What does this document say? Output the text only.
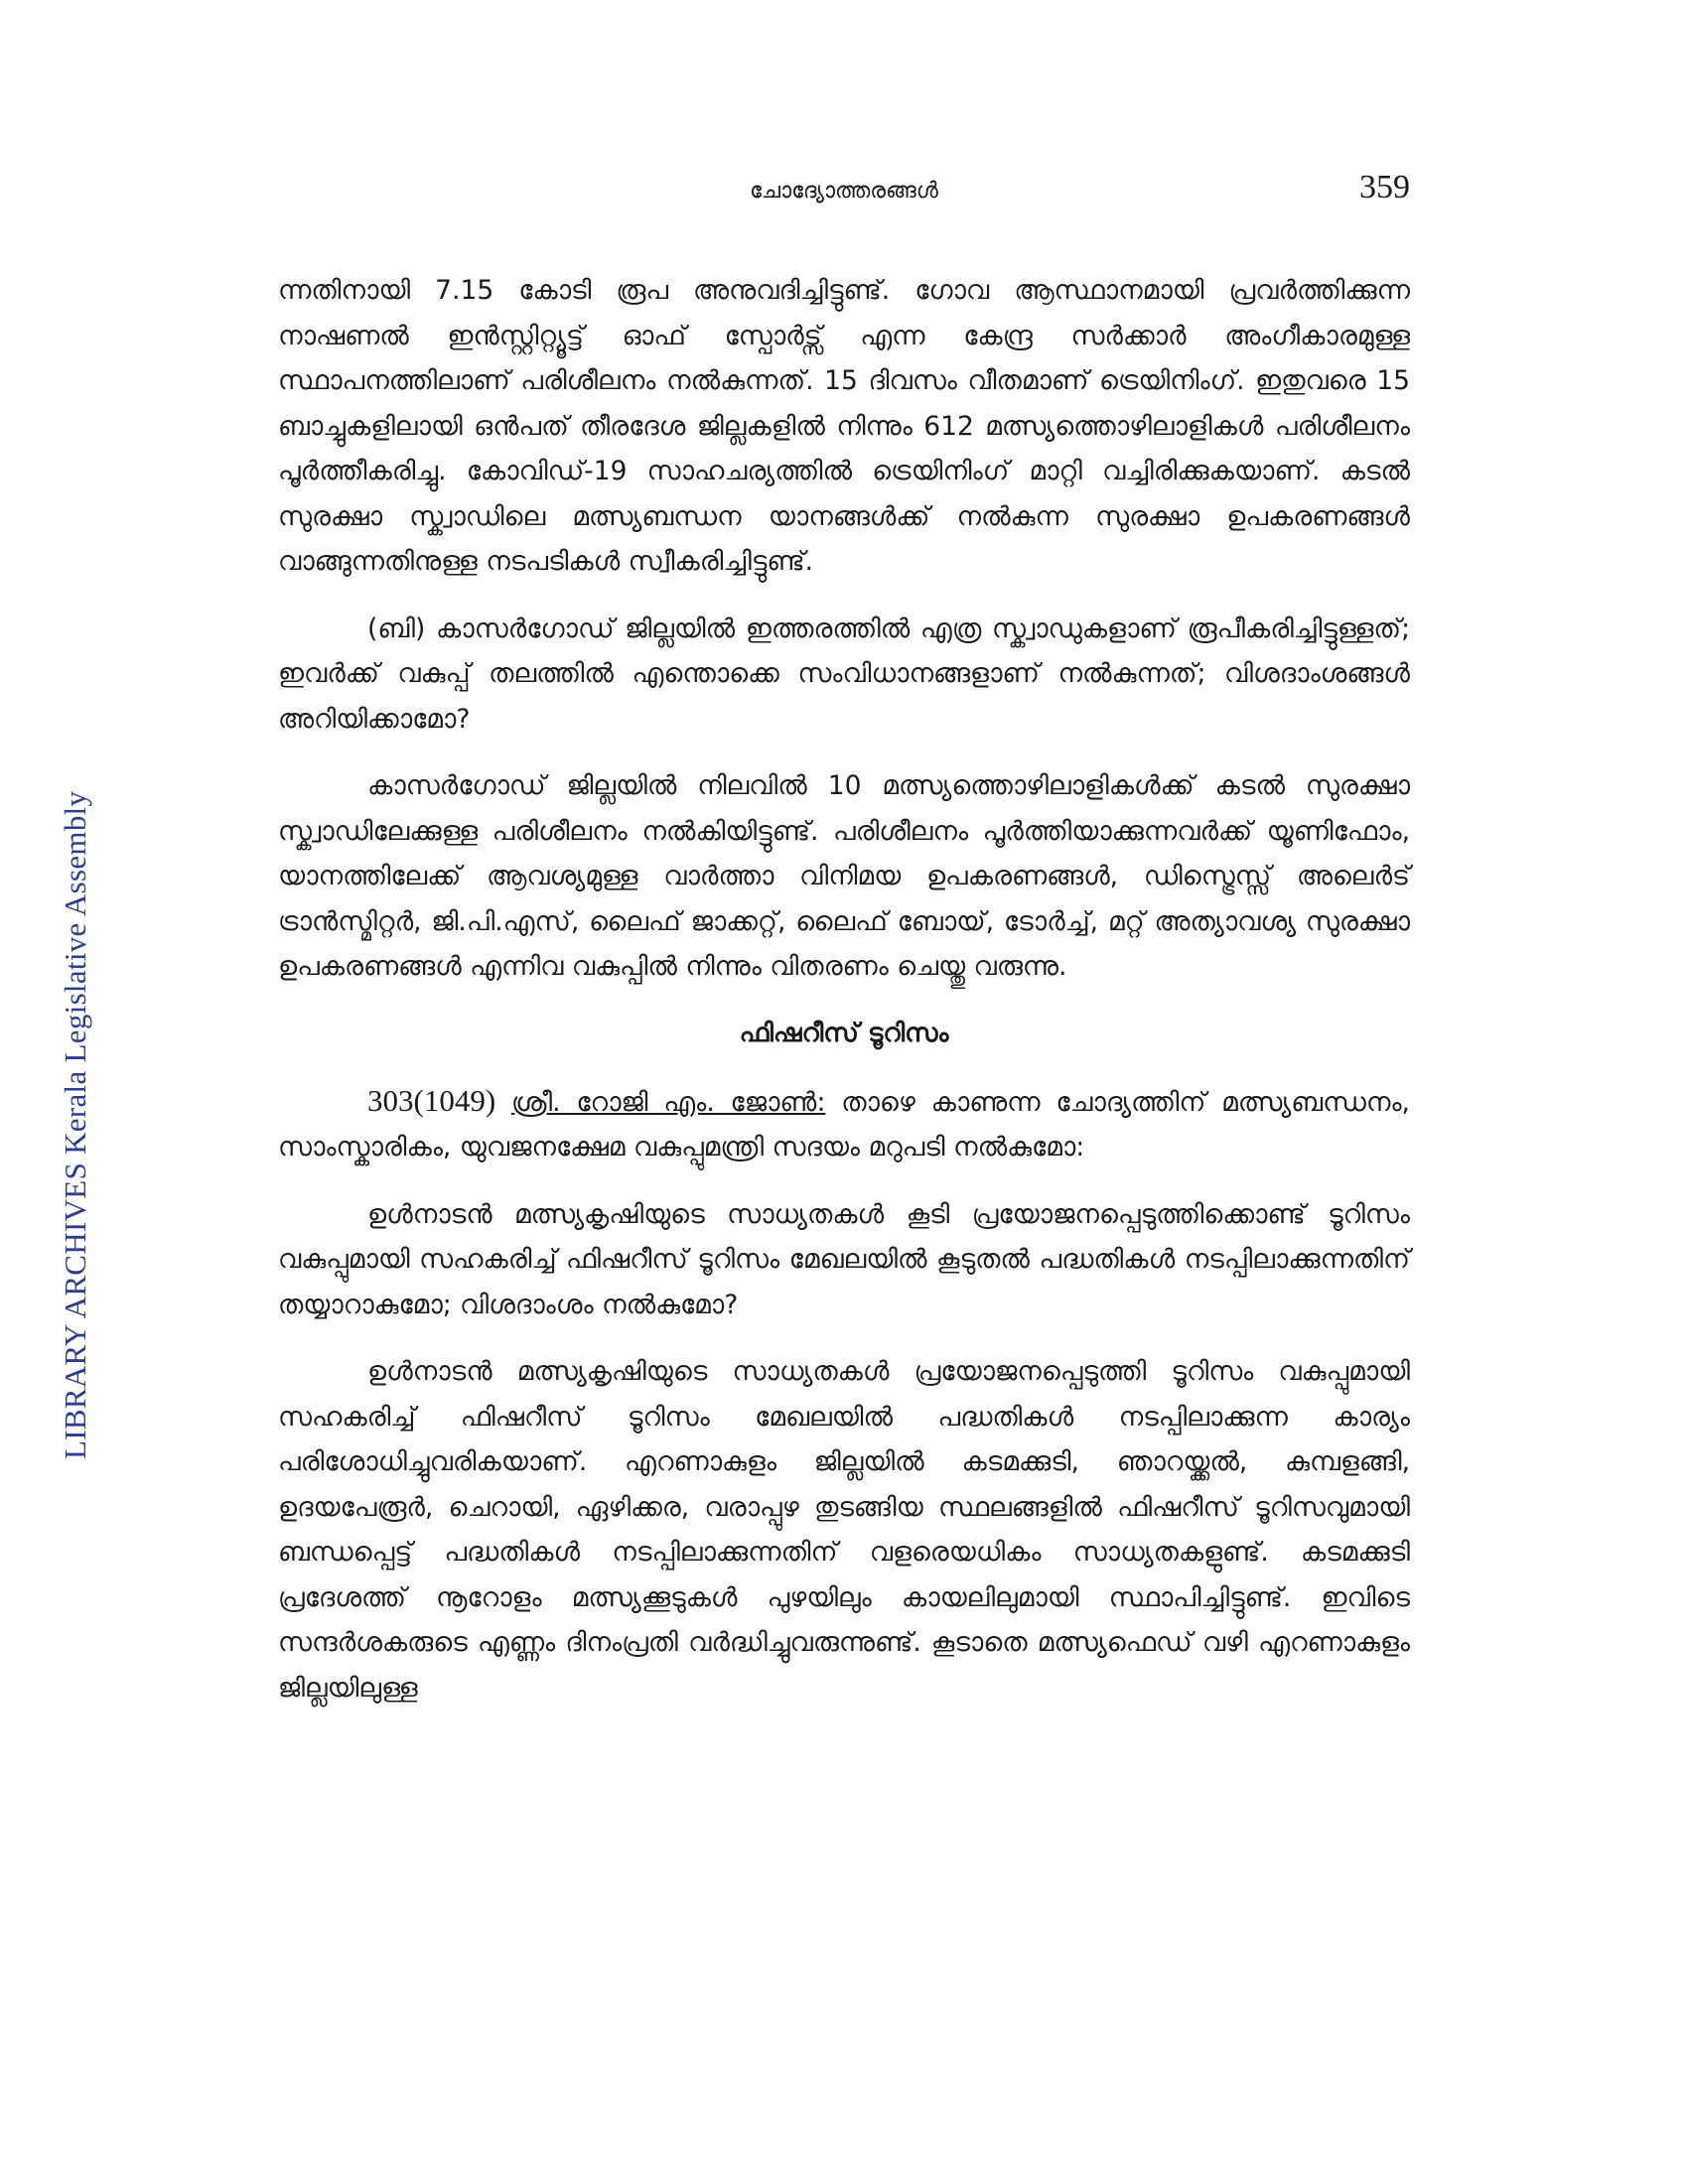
LIBRARY ARCHIVES Kerala Legislative Assembly
ചോദ്യോത്തരങ്ങൾ	359

ന്നതിനായി 7.15 കോടി രൂപ അനുവദിച്ചിട്ടുണ്ട്. ഗോവ ആസ്ഥാനമായി പ്രവർത്തിക്കുന്ന നാഷണൽ ഇൻസ്റ്റിറ്റ്യൂട്ട് ഓഫ് സ്പോർട്സ് എന്ന കേന്ദ്ര സർക്കാർ അംഗീകാരമുള്ള സ്ഥാപനത്തിലാണ് പരിശീലനം നൽകുന്നത്. 15 ദിവസം വീതമാണ് ട്രെയിനിംഗ്. ഇതുവരെ 15 ബാച്ചുകളിലായി ഒൻപത് തീരദേശ ജില്ലകളിൽ നിന്നും 612 മത്സ്യത്തൊഴിലാളികൾ പരിശീലനം പൂർത്തീകരിച്ചു. കോവിഡ്-19 സാഹചര്യത്തിൽ ട്രെയിനിംഗ് മാറ്റി വച്ചിരിക്കുകയാണ്. കടൽ സുരക്ഷാ സ്ക്വാഡിലെ മത്സ്യബന്ധന യാനങ്ങൾക്ക് നൽകുന്ന സുരക്ഷാ ഉപകരണങ്ങൾ വാങ്ങുന്നതിനുള്ള നടപടികൾ സ്വീകരിച്ചിട്ടുണ്ട്.

(ബി) കാസർഗോഡ് ജില്ലയിൽ ഇത്തരത്തിൽ എത്ര സ്ക്വാഡുകളാണ് രൂപീകരിച്ചിട്ടുള്ളത്; ഇവർക്ക് വകുപ്പ് തലത്തിൽ എന്തൊക്കെ സംവിധാനങ്ങളാണ് നൽകുന്നത്; വിശദാംശങ്ങൾ അറിയിക്കാമോ?

കാസർഗോഡ് ജില്ലയിൽ നിലവിൽ 10 മത്സ്യത്തൊഴിലാളികൾക്ക് കടൽ സുരക്ഷാ സ്ക്വാഡിലേക്കുള്ള പരിശീലനം നൽകിയിട്ടുണ്ട്. പരിശീലനം പൂർത്തിയാക്കുന്നവർക്ക് യൂണിഫോം, യാനത്തിലേക്ക് ആവശ്യമുള്ള വാർത്താ വിനിമയ ഉപകരണങ്ങൾ, ഡിസ്ട്രെസ്സ് അലെർട് ട്രാൻസ്മിറ്റർ, ജി.പി.എസ്, ലൈഫ് ജാക്കറ്റ്, ലൈഫ് ബോയ്, ടോർച്ച്, മറ്റ് അത്യാവശ്യ സുരക്ഷാ ഉപകരണങ്ങൾ എന്നിവ വകുപ്പിൽ നിന്നും വിതരണം ചെയ്തു വരുന്നു.

ഫിഷറീസ് ടൂറിസം

303(1049) ശ്രീ. റോജി എം. ജോൺ: താഴെ കാണുന്ന ചോദ്യത്തിന് മത്സ്യബന്ധനം, സാംസ്കാരികം, യുവജനക്ഷേമ വകുപ്പുമന്ത്രി സദയം മറുപടി നൽകുമോ:

ഉൾനാടൻ മത്സ്യകൃഷിയുടെ സാധ്യതകൾ കൂടി പ്രയോജനപ്പെടുത്തിക്കൊണ്ട് ടൂറിസം വകുപ്പുമായി സഹകരിച്ച് ഫിഷറീസ് ടൂറിസം മേഖലയിൽ കൂടുതൽ പദ്ധതികൾ നടപ്പിലാക്കുന്നതിന് തയ്യാറാകുമോ; വിശദാംശം നൽകുമോ?

ഉൾനാടൻ മത്സ്യകൃഷിയുടെ സാധ്യതകൾ പ്രയോജനപ്പെടുത്തി ടൂറിസം വകുപ്പുമായി സഹകരിച്ച് ഫിഷറീസ് ടൂറിസം മേഖലയിൽ പദ്ധതികൾ നടപ്പിലാക്കുന്ന കാര്യം പരിശോധിച്ചുവരികയാണ്. എറണാകുളം ജില്ലയിൽ കടമക്കുടി, ഞാറയ്ക്കൽ, കുമ്പളങ്ങി, ഉദയപേരൂർ, ചെറായി, ഏഴിക്കര, വരാപ്പുഴ തുടങ്ങിയ സ്ഥലങ്ങളിൽ ഫിഷറീസ് ടൂറിസവുമായി ബന്ധപ്പെട്ട് പദ്ധതികൾ നടപ്പിലാക്കുന്നതിന് വളരെയധികം സാധ്യതകളുണ്ട്. കടമക്കുടി പ്രദേശത്ത് നൂറോളം മത്സ്യക്കൂടുകൾ പുഴയിലും കായലിലുമായി സ്ഥാപിച്ചിട്ടുണ്ട്. ഇവിടെ സന്ദർശകരുടെ എണ്ണം ദിനംപ്രതി വർദ്ധിച്ചുവരുന്നുണ്ട്. കൂടാതെ മത്സ്യഫെഡ് വഴി എറണാകുളം ജില്ലയിലുള്ള
